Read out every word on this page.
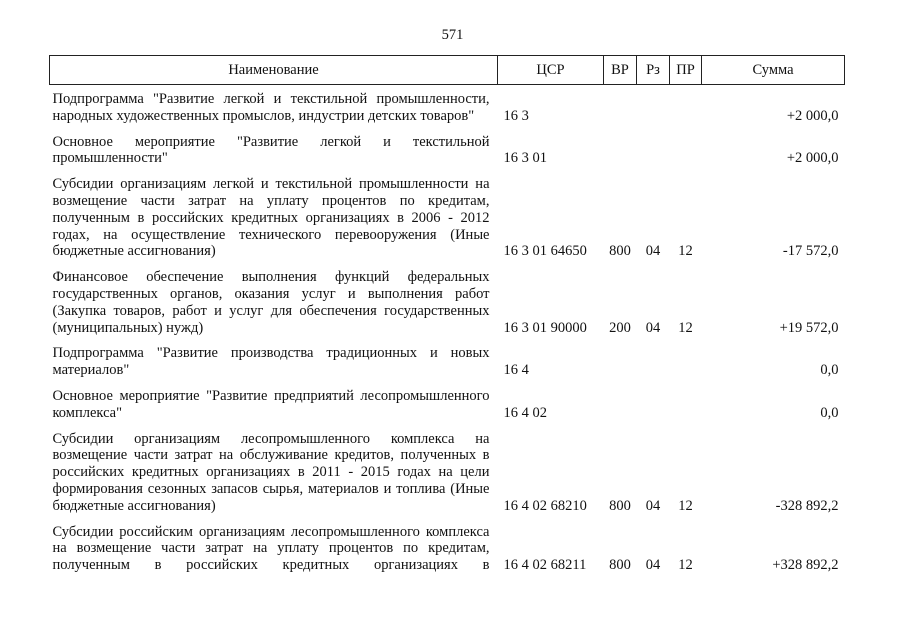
571
Наименование	ЦСР	ВР	Рз	ПР	Сумма
Подпрограмма "Развитие легкой и текстильной промышленности, народных художественных промыслов, индустрии детских товаров"	16 3				+2 000,0
Основное мероприятие "Развитие легкой и текстильной промышленности"	16 3 01				+2 000,0
Субсидии организациям легкой и текстильной промышленности на возмещение части затрат на уплату процентов по кредитам, полученным в российских кредитных организациях в 2006 - 2012 годах, на осуществление технического перевооружения (Иные бюджетные ассигнования)	16 3 01 64650	800	04	12	-17 572,0
Финансовое обеспечение выполнения функций федеральных государственных органов, оказания услуг и выполнения работ (Закупка товаров, работ и услуг для обеспечения государственных (муниципальных) нужд)	16 3 01 90000	200	04	12	+19 572,0
Подпрограмма "Развитие производства традиционных и новых материалов"	16 4				0,0
Основное мероприятие "Развитие предприятий лесопромышленного комплекса"	16 4 02				0,0
Субсидии организациям лесопромышленного комплекса на возмещение части затрат на обслуживание кредитов, полученных в российских кредитных организациях в 2011 - 2015 годах на цели формирования сезонных запасов сырья, материалов и топлива (Иные бюджетные ассигнования)	16 4 02 68210	800	04	12	-328 892,2
Субсидии российским организациям лесопромышленного комплекса на возмещение части затрат на уплату процентов по кредитам, полученным в российских кредитных организациях в	16 4 02 68211	800	04	12	+328 892,2
